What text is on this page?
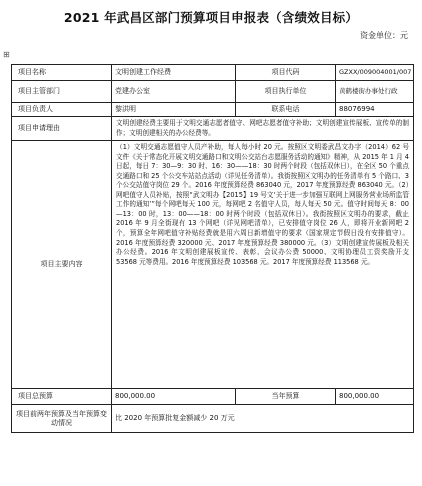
2021 年武昌区部门预算项目申报表（含绩效目标）
资金单位：元
⊞
项目名称	文明创建工作经费	项目代码	GZXX/009004001/007
项目主管部门	党建办公室	项目执行单位	黄鹤楼街办事处行政
项目负责人	黎洪明	联系电话	88076994
项目申请理由	文明创建经费主要用于文明交通志愿者值守、网吧志愿者值守补助；文明创建宣传展板、宣传单的制作；文明创建相关的办公经费等。		
项目主要内容	（1）文明交通志愿值守人员产补助，每人每小时 20 元。按照区文明委武昌文办字（2014）62 号文件《关于常态化开展文明交通路口和文明公交站台志愿服务活动的通知》精神，从 2015 年 1 月 4 日起，每日 7：30—9：30 时、16：30——18：30 时两个时段（包括双休日），在全区 50 个重点交通路口和 25 个公交车站站点活动（详见任务清单）。我街按照区文明办的任务清单有 5 个路口、3 个公交站值守岗位 29 个。2016 年度预算经费 863040 元，2017 年度预算经费 863040 元。（2）网吧值守人员补贴，按照“武文明办【2015】19 号文‘关于进一步加强互联网上网服务营业场所监管工作的通知’”每个网吧每天 100 元，每网吧 2 名值守人员，每人每天 50 元。值守时间每天 8：00—13：00 时，13：00——18：00 时两个时段（包括双休日）。我街按照区文明办的要求，截止 2016 年 9 月全街现有 13 个网吧（详见网吧清单），已安排值守岗位 26 人，即将开业新网吧 2 个，预算全年网吧值守补贴经费就是用六周日新增值守的要求（国家规定节假日没有安排值守）。2016 年度预算经费 320000 元、2017 年度预算经费 380000 元。（3）文明创建宣传展板及相关办公经费。2016 年文明创建展板宣传、表彰、会议办公费 50000、文明协理员工资奖励开支 53568 元等费用。2016 年度预算经费 103568 元。2017 年度预算经费 113568 元。		
项目总预算	800,000.00	当年预算	800,000.00
项目前两年预算及当年预算变动情况	比 2020 年预算批复金额减少 20 万元		
